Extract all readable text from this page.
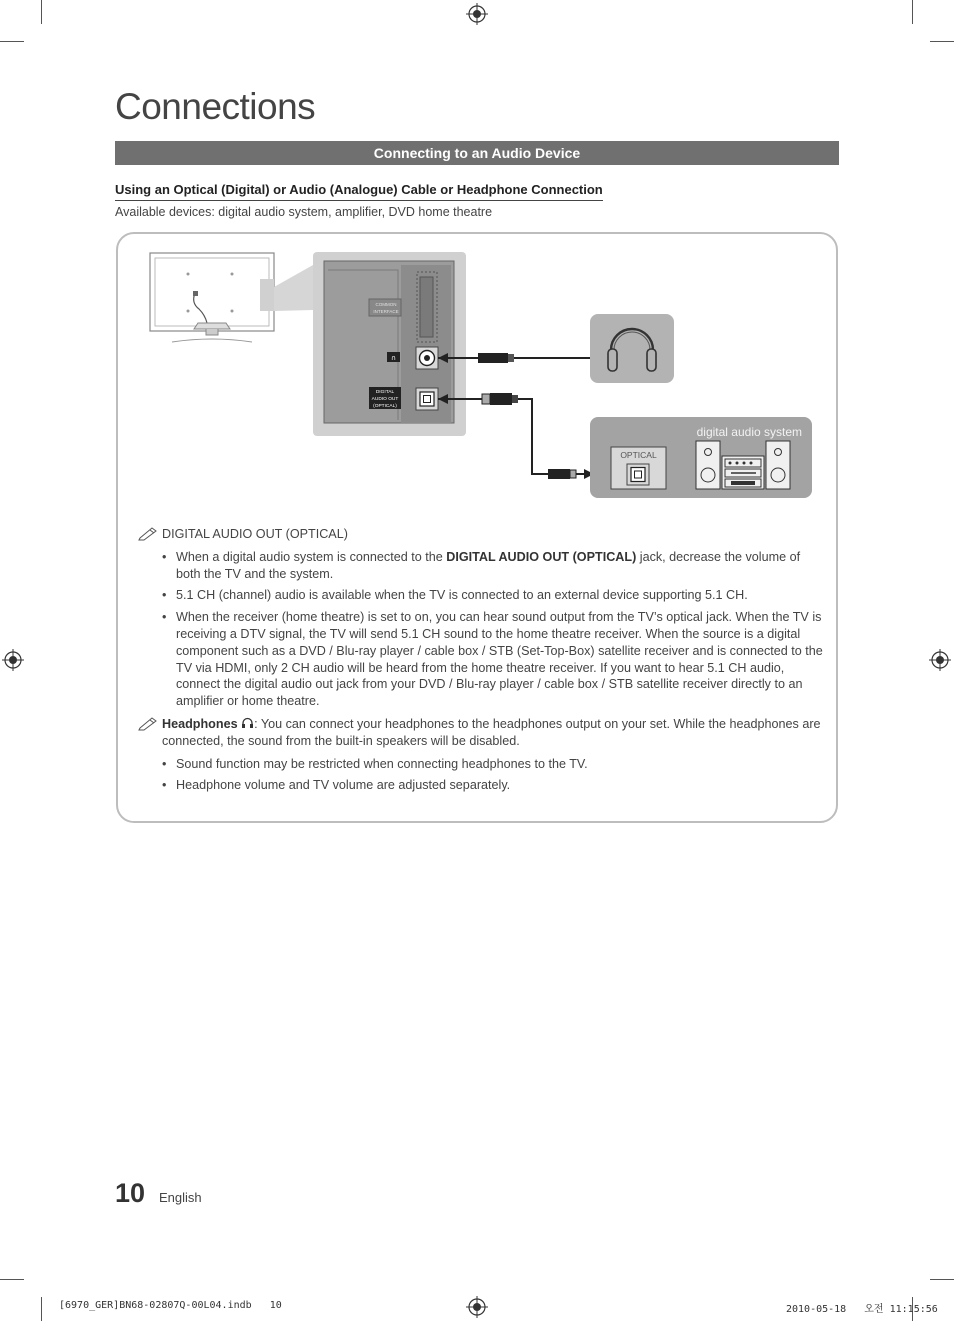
Connections
Connecting to an Audio Device
Using an Optical (Digital) or Audio (Analogue) Cable or Headphone Connection
Available devices: digital audio system, amplifier, DVD home theatre
COMMON
INTERFACE
∩
DIGITAL
AUDIO OUT
(OPTICAL)
digital audio system
OPTICAL
DIGITAL AUDIO OUT (OPTICAL)
• When a digital audio system is connected to the DIGITAL AUDIO OUT (OPTICAL) jack, decrease the volume of both the TV and the system.
• 5.1 CH (channel) audio is available when the TV is connected to an external device supporting 5.1 CH.
• When the receiver (home theatre) is set to on, you can hear sound output from the TV’s optical jack. When the TV is receiving a DTV signal, the TV will send 5.1 CH sound to the home theatre receiver. When the source is a digital component such as a DVD / Blu-ray player / cable box / STB (Set-Top-Box) satellite receiver and is connected to the TV via HDMI, only 2 CH audio will be heard from the home theatre receiver. If you want to hear 5.1 CH audio, connect the digital audio out jack from your DVD / Blu-ray player / cable box / STB satellite receiver directly to an amplifier or home theatre.
Headphones : You can connect your headphones to the headphones output on your set. While the headphones are connected, the sound from the built-in speakers will be disabled.
• Sound function may be restricted when connecting headphones to the TV.
• Headphone volume and TV volume are adjusted separately.
10 English
[6970_GER]BN68-02807Q-00L04.indb   10	2010-05-18   오전 11:15:56
